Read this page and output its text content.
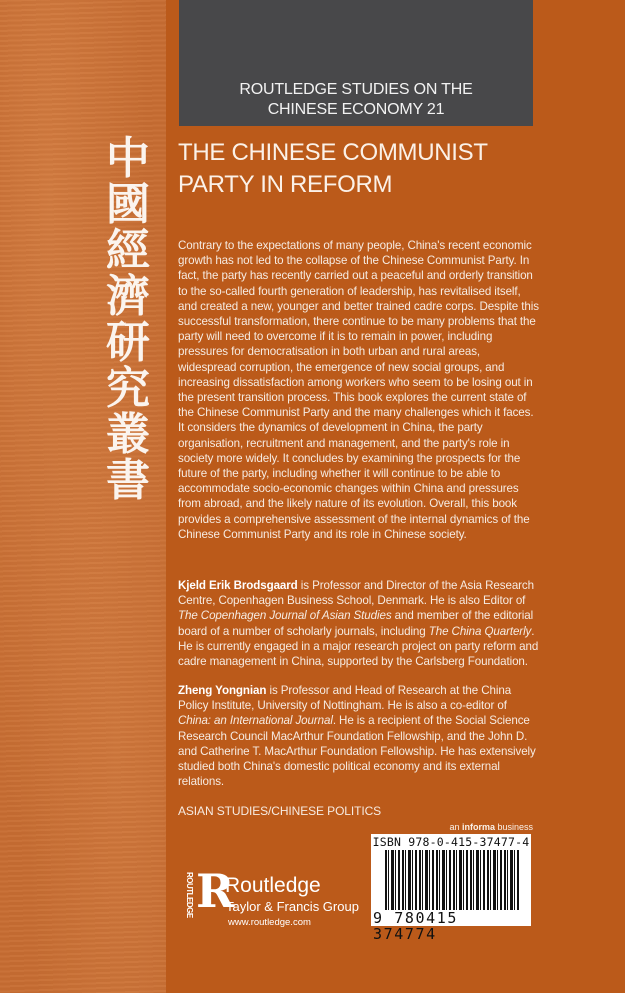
中
國
經
濟
研
究
叢
書
ROUTLEDGE STUDIES ON THE
CHINESE ECONOMY 21
THE CHINESE COMMUNIST
PARTY IN REFORM

Contrary to the expectations of many people, China's recent economic growth has not led to the collapse of the Chinese Communist Party. In fact, the party has recently carried out a peaceful and orderly transition to the so-called fourth generation of leadership, has revitalised itself, and created a new, younger and better trained cadre corps. Despite this successful transformation, there continue to be many problems that the party will need to overcome if it is to remain in power, including pressures for democratisation in both urban and rural areas, widespread corruption, the emergence of new social groups, and increasing dissatisfaction among workers who seem to be losing out in the present transition process. This book explores the current state of the Chinese Communist Party and the many challenges which it faces. It considers the dynamics of development in China, the party organisation, recruitment and management, and the party's role in society more widely. It concludes by examining the prospects for the future of the party, including whether it will continue to be able to accommodate socio-economic changes within China and pressures from abroad, and the likely nature of its evolution. Overall, this book provides a comprehensive assessment of the internal dynamics of the Chinese Communist Party and its role in Chinese society.

Kjeld Erik Brodsgaard is Professor and Director of the Asia Research Centre, Copenhagen Business School, Denmark. He is also Editor of The Copenhagen Journal of Asian Studies and member of the editorial board of a number of scholarly journals, including The China Quarterly. He is currently engaged in a major research project on party reform and cadre management in China, supported by the Carlsberg Foundation.

Zheng Yongnian is Professor and Head of Research at the China Policy Institute, University of Nottingham. He is also a co-editor of China: an International Journal. He is a recipient of the Social Science Research Council MacArthur Foundation Fellowship, and the John D. and Catherine T. MacArthur Foundation Fellowship. He has extensively studied both China's domestic political economy and its external relations.

ASIAN STUDIES/CHINESE POLITICS
an informa business
ISBN 978-0-415-37477-4
9 780415 374774
ROUTLEDGE R
Routledge
Taylor & Francis Group
www.routledge.com
